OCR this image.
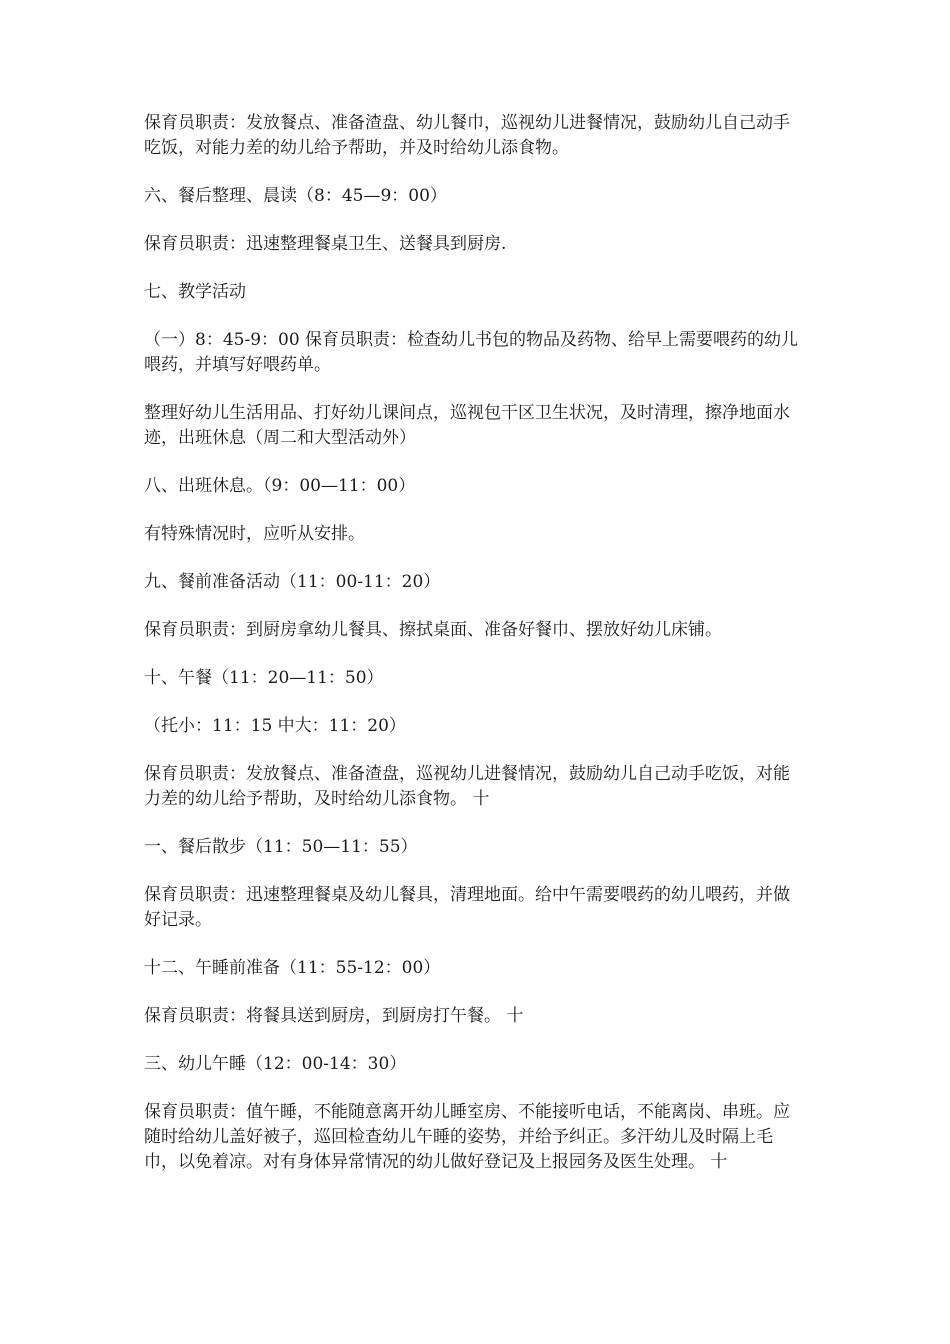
保育员职责：发放餐点、准备渣盘、幼儿餐巾，巡视幼儿进餐情况，鼓励幼儿自己动手吃饭，对能力差的幼儿给予帮助，并及时给幼儿添食物。

六、餐后整理、晨读（8：45—9：00）

保育员职责：迅速整理餐桌卫生、送餐具到厨房.

七、教学活动

（一）8：45-9：00 保育员职责：检查幼儿书包的物品及药物、给早上需要喂药的幼儿喂药，并填写好喂药单。

整理好幼儿生活用品、打好幼儿课间点，巡视包干区卫生状况，及时清理，擦净地面水迹，出班休息（周二和大型活动外）

八、出班休息。（9：00—11：00）

有特殊情况时，应听从安排。

九、餐前准备活动（11：00-11：20）

保育员职责：到厨房拿幼儿餐具、擦拭桌面、准备好餐巾、摆放好幼儿床铺。

十、午餐（11：20—11：50）

（托小：11：15 中大：11：20）

保育员职责：发放餐点、准备渣盘，巡视幼儿进餐情况，鼓励幼儿自己动手吃饭，对能力差的幼儿给予帮助，及时给幼儿添食物。 十

一、餐后散步（11：50—11：55）

保育员职责：迅速整理餐桌及幼儿餐具，清理地面。给中午需要喂药的幼儿喂药，并做好记录。

十二、午睡前准备（11：55-12：00）

保育员职责：将餐具送到厨房，到厨房打午餐。 十

三、幼儿午睡（12：00-14：30）

保育员职责：值午睡，不能随意离开幼儿睡室房、不能接听电话，不能离岗、串班。应随时给幼儿盖好被子，巡回检查幼儿午睡的姿势，并给予纠正。多汗幼儿及时隔上毛巾，以免着凉。对有身体异常情况的幼儿做好登记及上报园务及医生处理。 十
